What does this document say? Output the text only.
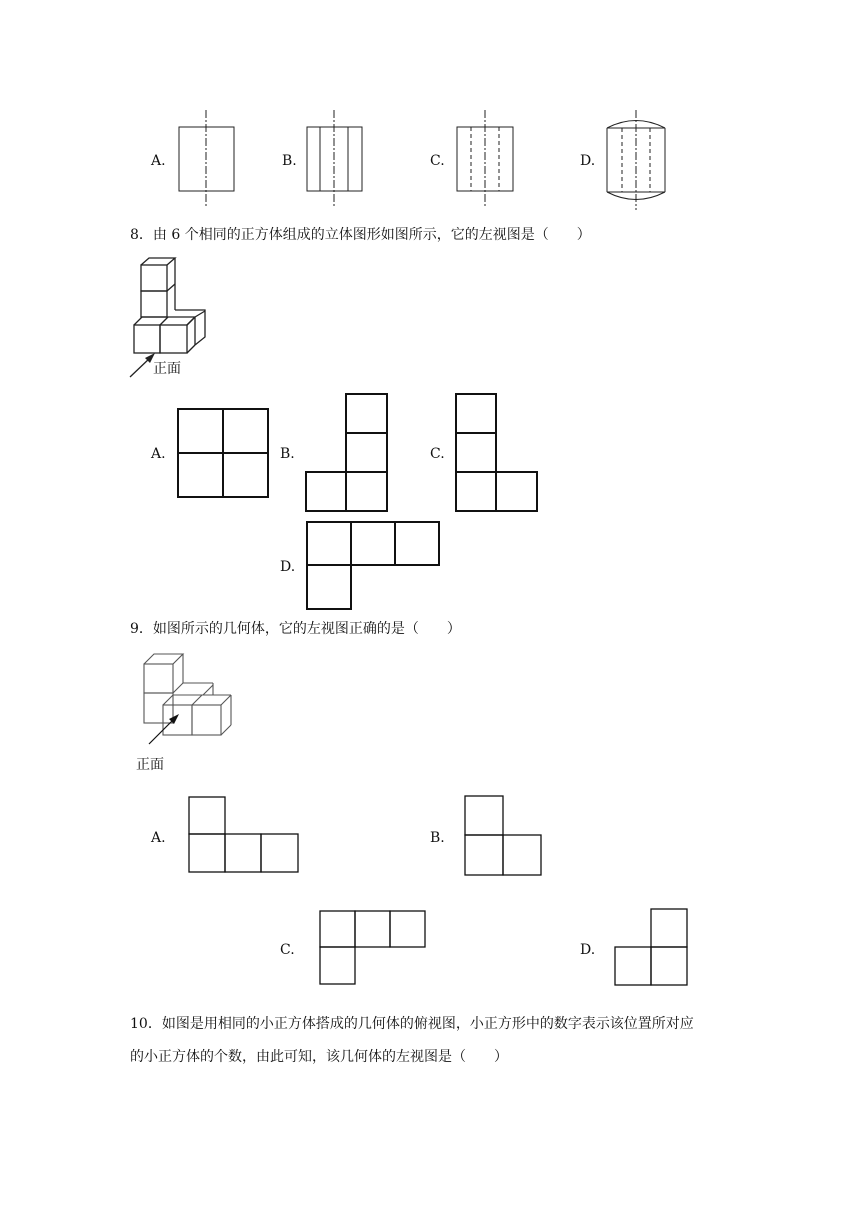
A.	B.	C.	D.
8．由 6 个相同的正方体组成的立体图形如图所示，它的左视图是（　　）
正面
A.	B.	C.
D.
9．如图所示的几何体，它的左视图正确的是（　　）
正面
A.	B.
C.	D.
10．如图是用相同的小正方体搭成的几何体的俯视图，小正方形中的数字表示该位置所对应
的小正方体的个数，由此可知，该几何体的左视图是（　　）
